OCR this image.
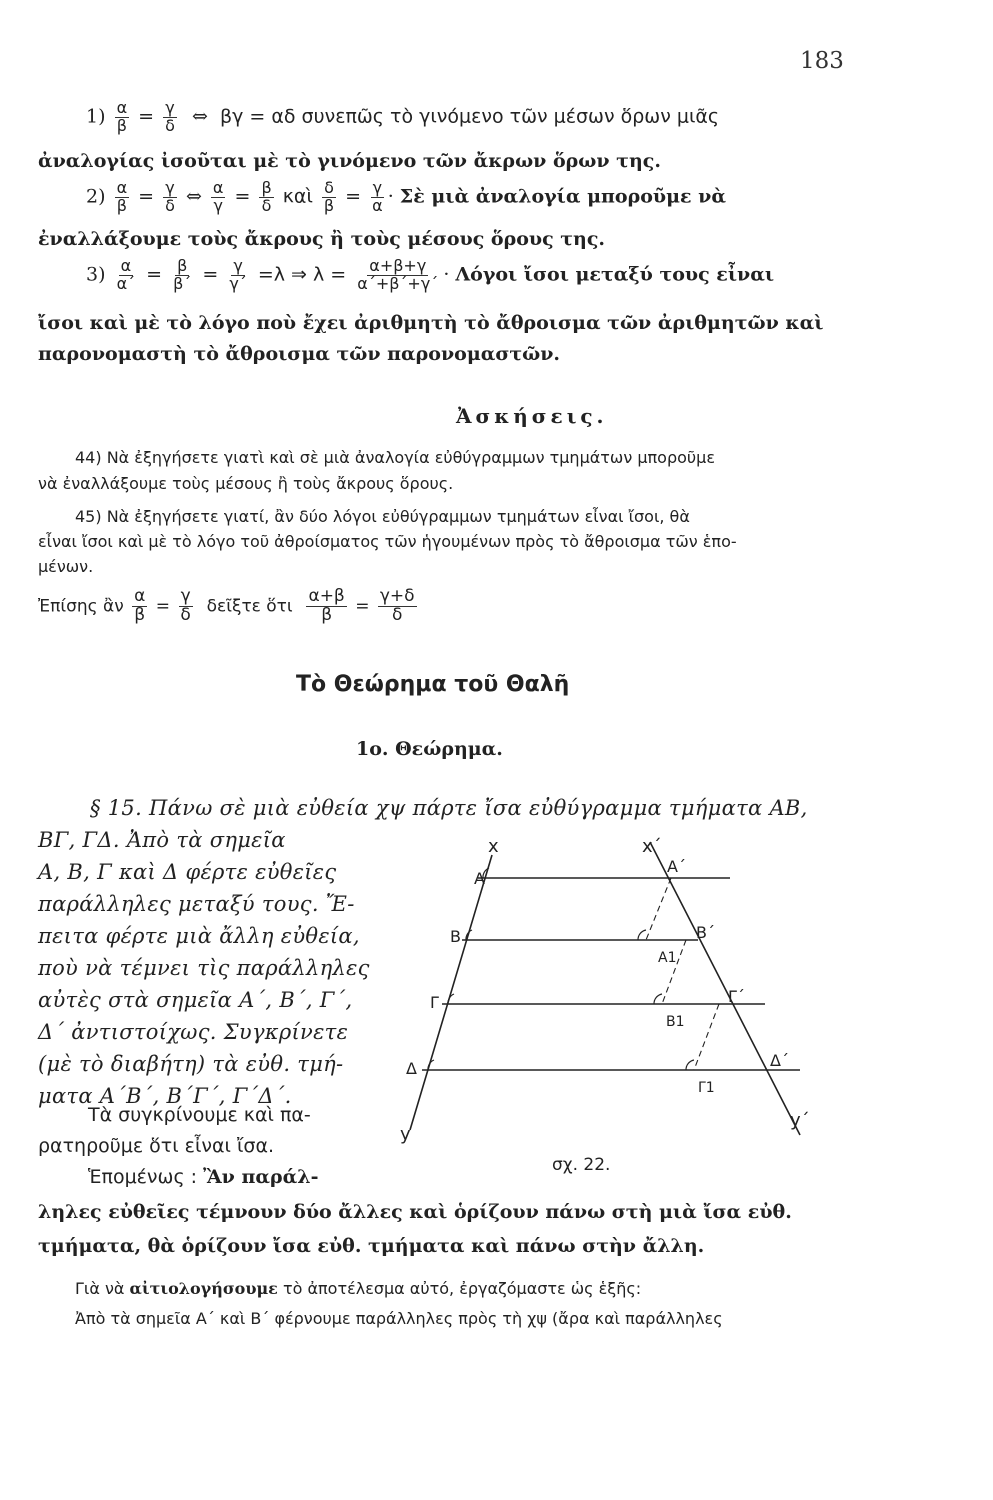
183
$1) \frac{\alpha}{\beta} = \frac{\gamma}{\delta}$ ⇔  βγ = αδ συνεπῶς τὸ γινόμενο τῶν μέσων ὅρων μιᾶς
ἀναλογίας ἰσοῦται μὲ τὸ γινόμενο τῶν ἄκρων ὅρων της.
$2) \frac{\alpha}{\beta} = \frac{\gamma}{\delta}$ ⇔ $\frac{\alpha}{\gamma} = \frac{\beta}{\delta}$ καὶ $\frac{\delta}{\beta} = \frac{\gamma}{\alpha}$ · Σὲ μιὰ ἀναλογία μποροῦμε νὰ
ἐναλλάξουμε τοὺς ἄκρους ἢ τοὺς μέσους ὅρους της.
$3) \frac{\alpha}{\alpha΄} = \frac{\beta}{\beta΄} = \frac{\gamma}{\gamma΄} =\lambda$ ⇒ $\lambda = \frac{\alpha+\beta+\gamma}{\alpha΄+\beta΄+\gamma΄} \cdot \Lambda ό\gamma o\iota$ ἴσοι μεταξύ τους εἶναι
ἴσοι καὶ μὲ τὸ λόγο ποὺ ἔχει ἀριθμητὴ τὸ ἄθροισμα τῶν ἀριθμητῶν καὶ
παρονομαστὴ τὸ ἄθροισμα τῶν παρονομαστῶν.
Ἀσκήσεις.
44) Νὰ ἐξηγήσετε γιατὶ καὶ σὲ μιὰ ἀναλογία εὐθύγραμμων τμημάτων μποροῦμε
νὰ ἐναλλάξουμε τοὺς μέσους ἢ τοὺς ἄκρους ὅρους.
45) Νὰ ἐξηγήσετε γιατί, ἂν δύο λόγοι εὐθύγραμμων τμημάτων εἶναι ἴσοι, θὰ
εἶναι ἴσοι καὶ μὲ τὸ λόγο τοῦ ἀθροίσματος τῶν ἡγουμένων πρὸς τὸ ἄθροισμα τῶν ἑπο-
μένων.
Ἐπίσης ἂν $\frac{\alpha}{\beta} = \frac{\gamma}{\delta}$ δεῖξτε ὅτι $\frac{\alpha+\beta}{\beta} = \frac{\gamma+\delta}{\delta}$
Τὸ Θεώρημα τοῦ Θαλῆ
1ο. Θεώρημα.
§ 15. Πάνω σὲ μιὰ εὐθεία χψ πάρτε ἴσα εὐθύγραμμα τμήματα ΑΒ,
ΒΓ, ΓΔ. Ἀπὸ τὰ σημεῖα
Α, Β, Γ καὶ Δ φέρτε εὐθεῖες
παράλληλες μεταξύ τους. Ἔ-
πειτα φέρτε μιὰ ἄλλη εὐθεία,
ποὺ νὰ τέμνει τὶς παράλληλες
αὐτὲς στὰ σημεῖα Α΄, Β΄, Γ΄,
Δ΄ ἀντιστοίχως. Συγκρίνετε
(μὲ τὸ διαβήτη) τὰ εὐθ. τμή-
ματα Α΄Β΄, Β΄Γ΄, Γ΄Δ΄.
Τὰ συγκρίνουμε καὶ πα-
ρατηροῦμε ὅτι εἶναι ἴσα.
Ἑπομένως : Ἂν παράλ-
ληλες εὐθεῖες τέμνουν δύο ἄλλες καὶ ὁρίζουν πάνω στὴ μιὰ ἴσα εὐθ.
τμήματα, θὰ ὁρίζουν ἴσα εὐθ. τμήματα καὶ πάνω στὴν ἄλλη.
Γιὰ νὰ αἰτιολογήσουμε τὸ ἀποτέλεσμα αὐτό, ἐργαζόμαστε ὡς ἑξῆς:
Ἀπὸ τὰ σημεῖα Α΄ καὶ Β΄ φέρνουμε παράλληλες πρὸς τὴ χψ (ἄρα καὶ παράλληλες
x	x΄
Α
Α΄
Β	Β΄
Α1
Γ	Γ΄
Β1
Δ	Δ΄
Γ1
y΄
y
σχ. 22.
